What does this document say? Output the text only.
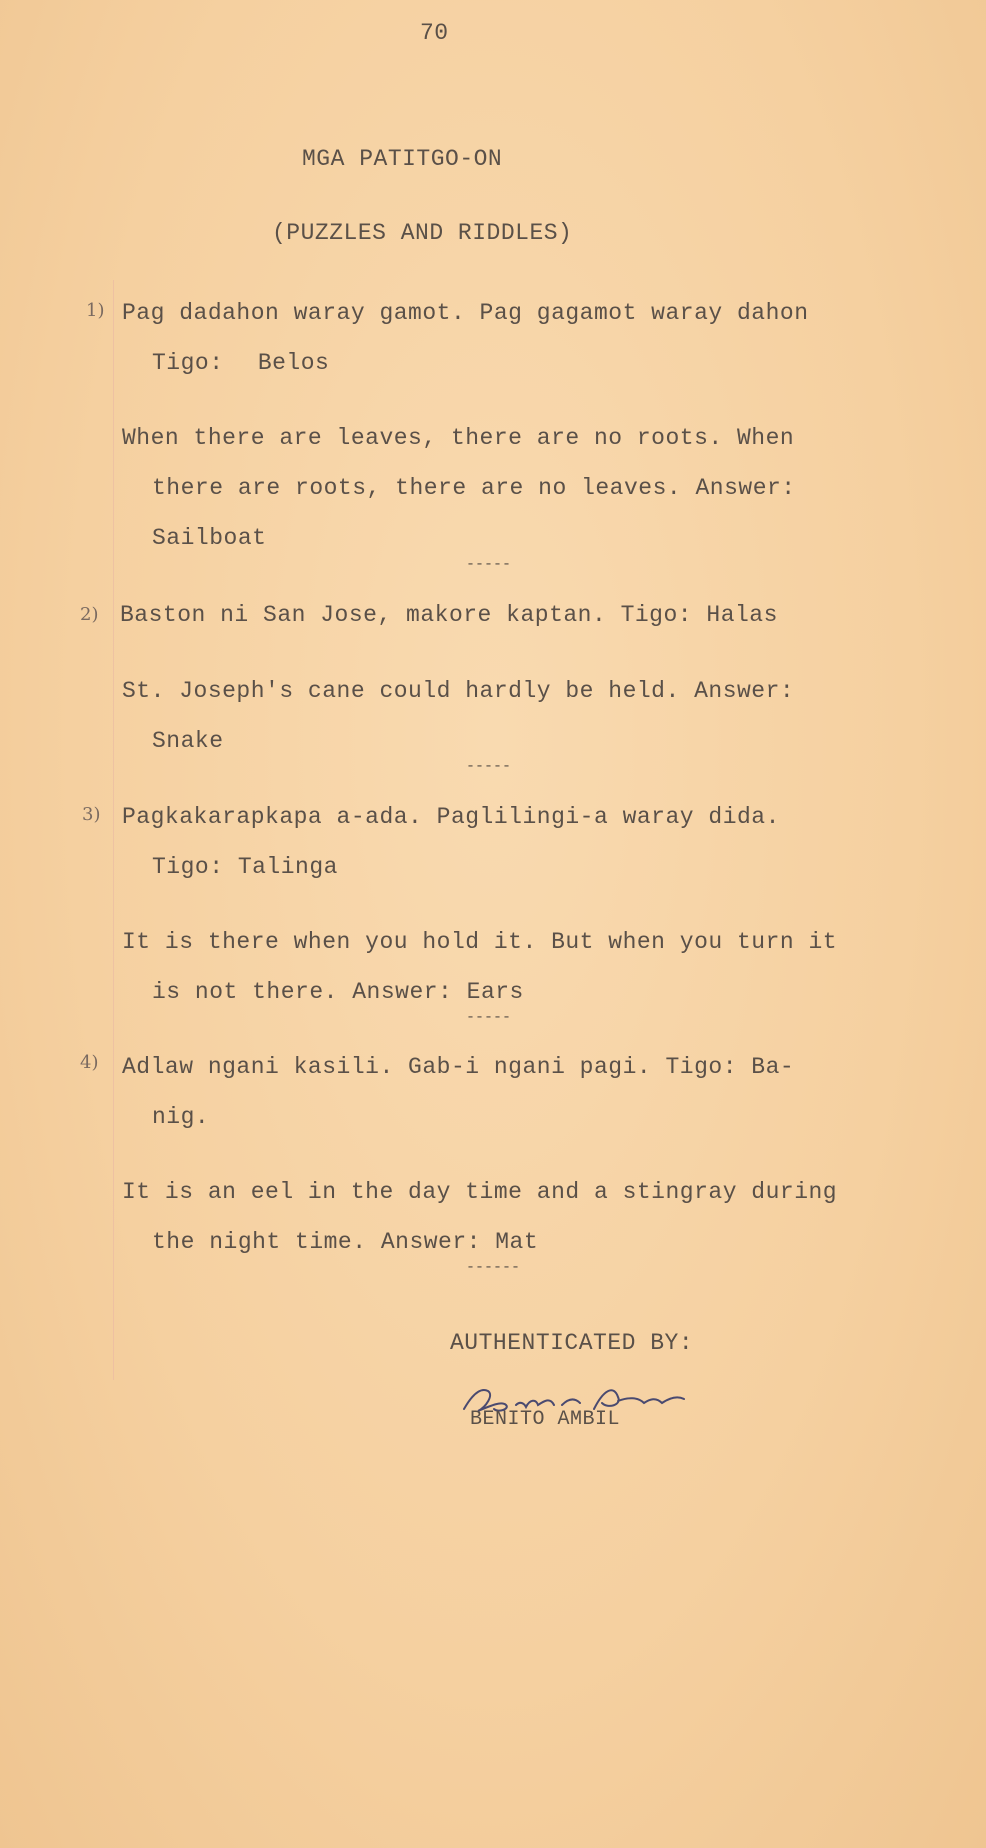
70
MGA PATITGO-ON
(PUZZLES AND RIDDLES)
1) Pag dadahon waray gamot. Pag gagamot waray dahon
Tigo: Belos
When there are leaves, there are no roots. When
there are roots, there are no leaves. Answer:
Sailboat
-----
2) Baston ni San Jose, makore kaptan. Tigo: Halas
St. Joseph's cane could hardly be held. Answer:
Snake
-----
3) Pagkakarapkapa a-ada. Paglilingi-a waray dida.
Tigo: Talinga
It is there when you hold it. But when you turn it
is not there. Answer: Ears
-----
4) Adlaw ngani kasili. Gab-i ngani pagi. Tigo: Ba-
nig.
It is an eel in the day time and a stingray during
the night time. Answer: Mat
------
AUTHENTICATED BY:
BENITO AMBIL
